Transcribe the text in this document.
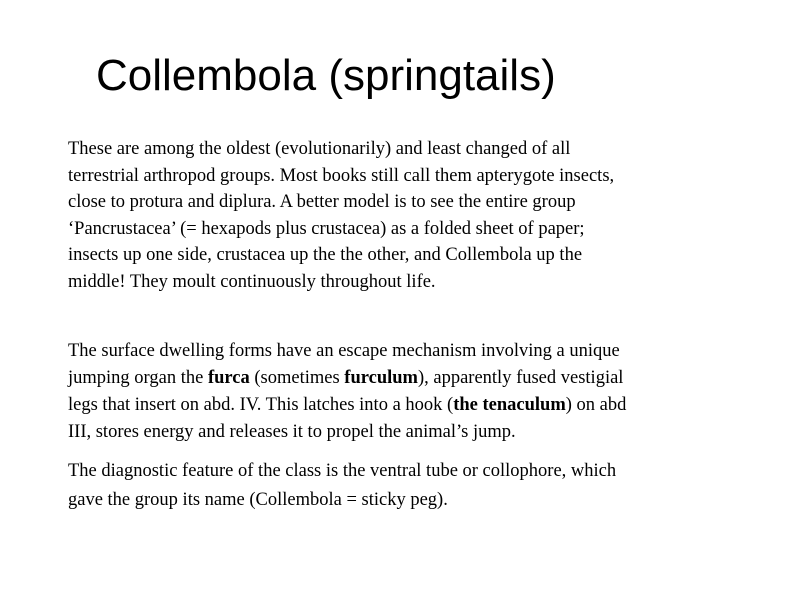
Collembola (springtails)

These are among the oldest (evolutionarily) and least changed of all
terrestrial arthropod groups. Most books still call them apterygote insects,
close to protura and diplura. A better model is to see the entire group
‘Pancrustacea’ (= hexapods plus crustacea) as a folded sheet of paper;
insects up one side, crustacea up the the other, and Collembola up the
middle! They moult continuously throughout life.

The surface dwelling forms have an escape mechanism involving a unique
jumping organ the furca (sometimes furculum), apparently fused vestigial
legs that insert on abd. IV. This latches into a hook (the tenaculum) on abd
III, stores energy and releases it to propel the animal’s jump.

The diagnostic feature of the class is the ventral tube or collophore, which
gave the group its name (Collembola = sticky peg).
